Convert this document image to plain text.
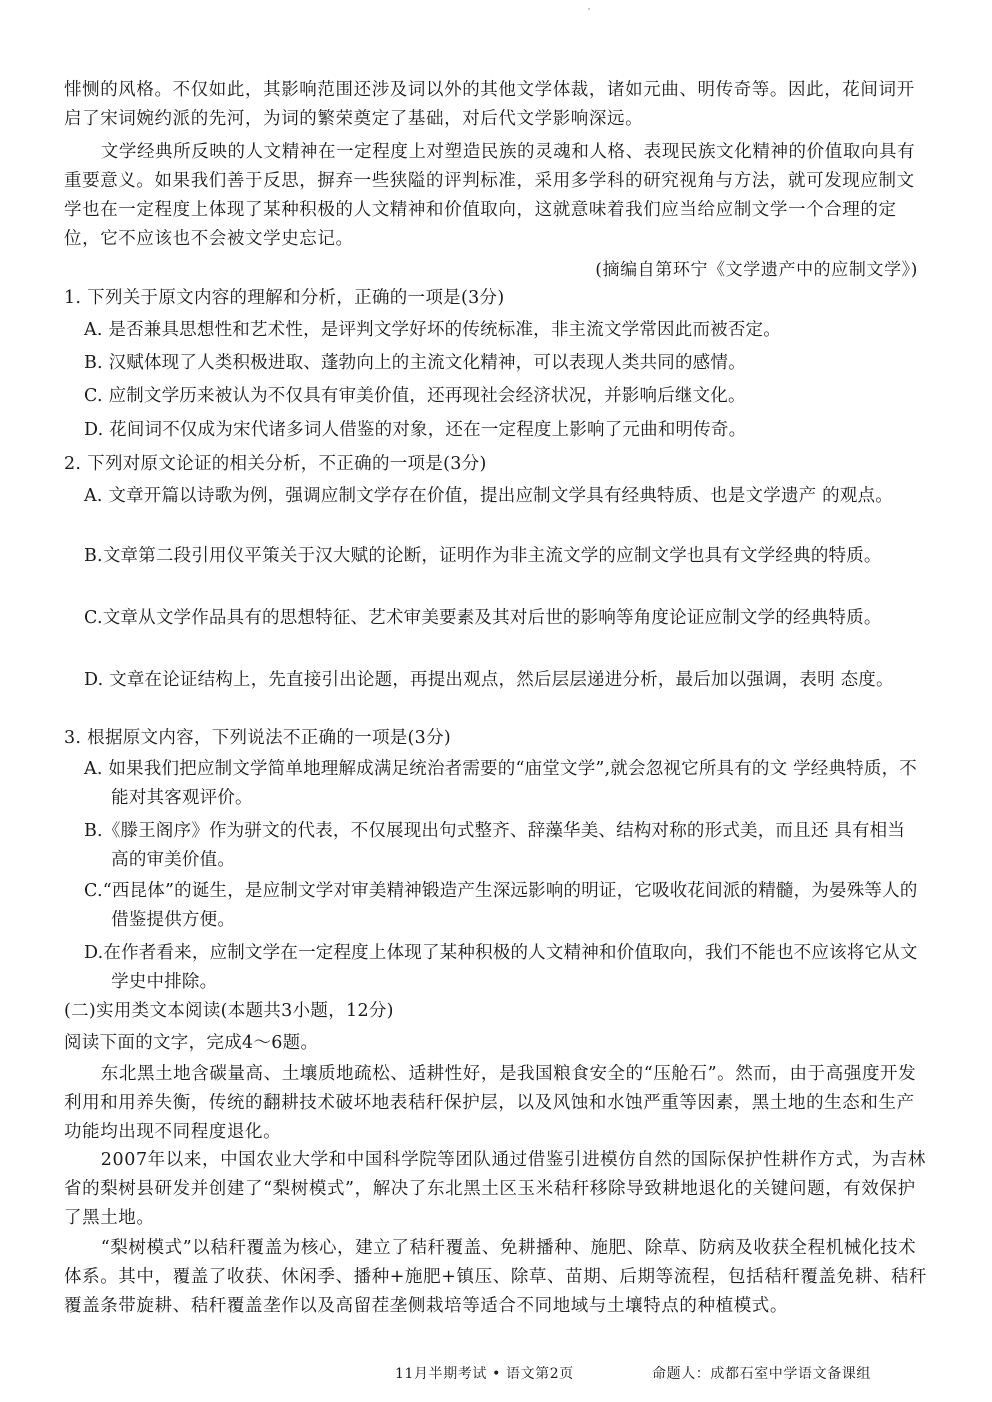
悱恻的风格。不仅如此，其影响范围还涉及词以外的其他文学体裁，诸如元曲、明传奇等。因此，花间词开启了宋词婉约派的先河，为词的繁荣奠定了基础，对后代文学影响深远。

文学经典所反映的人文精神在一定程度上对塑造民族的灵魂和人格、表现民族文化精神的价值取向具有重要意义。如果我们善于反思，摒弃一些狭隘的评判标准，采用多学科的研究视角与方法，就可发现应制文学也在一定程度上体现了某种积极的人文精神和价值取向，这就意味着我们应当给应制文学一个合理的定位，它不应该也不会被文学史忘记。

(摘编自第环宁《文学遗产中的应制文学》)
1. 下列关于原文内容的理解和分析，正确的一项是(3分)
A. 是否兼具思想性和艺术性，是评判文学好坏的传统标准，非主流文学常因此而被否定。
B. 汉赋体现了人类积极进取、蓬勃向上的主流文化精神，可以表现人类共同的感情。
C. 应制文学历来被认为不仅具有审美价值，还再现社会经济状况，并影响后继文化。
D. 花间词不仅成为宋代诸多词人借鉴的对象，还在一定程度上影响了元曲和明传奇。
2. 下列对原文论证的相关分析，不正确的一项是(3分)
A. 文章开篇以诗歌为例，强调应制文学存在价值，提出应制文学具有经典特质、也是文学遗产 的观点。
B.文章第二段引用仪平策关于汉大赋的论断，证明作为非主流文学的应制文学也具有文学经典的特质。
C.文章从文学作品具有的思想特征、艺术审美要素及其对后世的影响等角度论证应制文学的经典特质。
D. 文章在论证结构上，先直接引出论题，再提出观点，然后层层递进分析，最后加以强调，表明 态度。
3. 根据原文内容，下列说法不正确的一项是(3分)
A. 如果我们把应制文学简单地理解成满足统治者需要的“庙堂文学”,就会忽视它所具有的文 学经典特质，不能对其客观评价。
B.《滕王阁序》作为骈文的代表，不仅展现出句式整齐、辞藻华美、结构对称的形式美，而且还 具有相当高的审美价值。
C.“西昆体”的诞生，是应制文学对审美精神锻造产生深远影响的明证，它吸收花间派的精髓，为晏殊等人的借鉴提供方便。
D.在作者看来，应制文学在一定程度上体现了某种积极的人文精神和价值取向，我们不能也不应该将它从文学史中排除。
(二)实用类文本阅读(本题共3小题，12分)
阅读下面的文字，完成4～6题。

东北黑土地含碳量高、土壤质地疏松、适耕性好，是我国粮食安全的“压舱石”。然而，由于高强度开发利用和用养失衡，传统的翻耕技术破坏地表秸秆保护层，以及风蚀和水蚀严重等因素，黑土地的生态和生产功能均出现不同程度退化。

2007年以来，中国农业大学和中国科学院等团队通过借鉴引进模仿自然的国际保护性耕作方式，为吉林省的梨树县研发并创建了“梨树模式”，解决了东北黑土区玉米秸秆移除导致耕地退化的关键问题，有效保护了黑土地。

“梨树模式”以秸秆覆盖为核心，建立了秸秆覆盖、免耕播种、施肥、除草、防病及收获全程机械化技术体系。其中，覆盖了收获、休闲季、播种+施肥+镇压、除草、苗期、后期等流程，包括秸秆覆盖免耕、秸秆覆盖条带旋耕、秸秆覆盖垄作以及高留茬垄侧栽培等适合不同地域与土壤特点的种植模式。

11月半期考试 • 语文第2页	命题人：成都石室中学语文备课组
